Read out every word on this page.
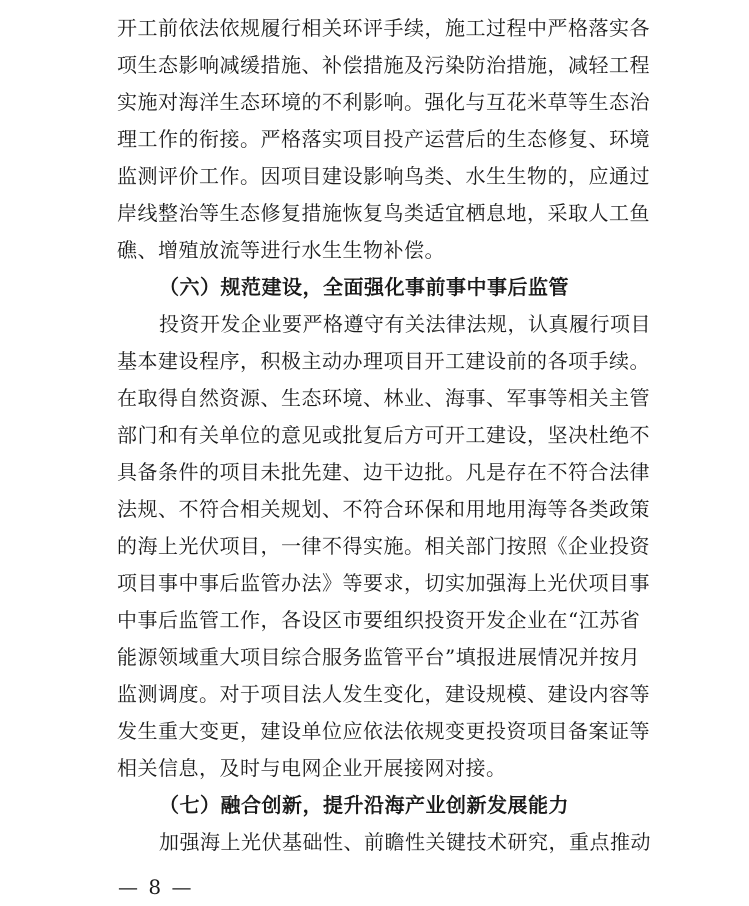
开工前依法依规履行相关环评手续，施工过程中严格落实各
项生态影响减缓措施、补偿措施及污染防治措施，减轻工程
实施对海洋生态环境的不利影响。强化与互花米草等生态治
理工作的衔接。严格落实项目投产运营后的生态修复、环境
监测评价工作。因项目建设影响鸟类、水生生物的，应通过
岸线整治等生态修复措施恢复鸟类适宜栖息地，采取人工鱼
礁、增殖放流等进行水生生物补偿。
（六）规范建设，全面强化事前事中事后监管
投资开发企业要严格遵守有关法律法规，认真履行项目
基本建设程序，积极主动办理项目开工建设前的各项手续。
在取得自然资源、生态环境、林业、海事、军事等相关主管
部门和有关单位的意见或批复后方可开工建设，坚决杜绝不
具备条件的项目未批先建、边干边批。凡是存在不符合法律
法规、不符合相关规划、不符合环保和用地用海等各类政策
的海上光伏项目，一律不得实施。相关部门按照《企业投资
项目事中事后监管办法》等要求，切实加强海上光伏项目事
中事后监管工作，各设区市要组织投资开发企业在“江苏省
能源领域重大项目综合服务监管平台”填报进展情况并按月
监测调度。对于项目法人发生变化，建设规模、建设内容等
发生重大变更，建设单位应依法依规变更投资项目备案证等
相关信息，及时与电网企业开展接网对接。
（七）融合创新，提升沿海产业创新发展能力
加强海上光伏基础性、前瞻性关键技术研究，重点推动
— 8 —
